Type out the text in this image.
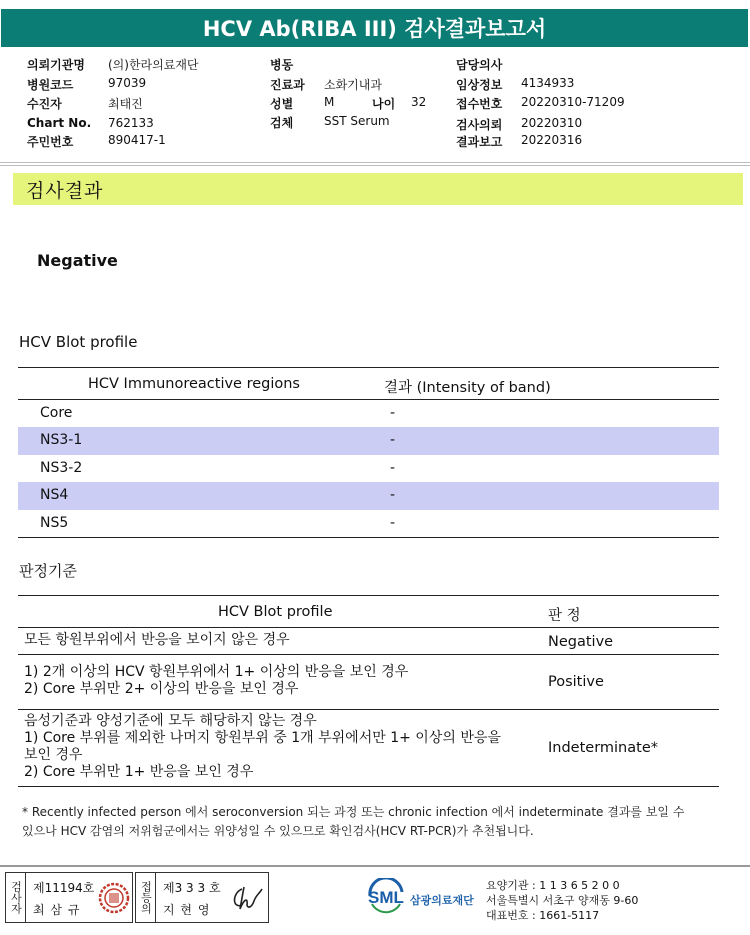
HCV Ab(RIBA III) 검사결과보고서
의뢰기관명 (의)한라의료재단
병원코드	97039
수진자	최태진
Chart No. 762133
주민번호	890417-1
병동
진료과 소화기내과
성별	M	나이 32
검체	SST Serum
담당의사
임상정보 4134933
접수번호 20220310-71209
검사의뢰 20220310
결과보고 20220316
검사결과
Negative
HCV Blot profile
HCV Immunoreactive regions	결과 (Intensity of band)
Core	-
NS3-1	-
NS3-2	-
NS4	-
NS5	-
판정기준
HCV Blot profile	판 정
모든 항원부위에서 반응을 보이지 않은 경우	Negative
1) 2개 이상의 HCV 항원부위에서 1+ 이상의 반응을 보인 경우
2) Core 부위만 2+ 이상의 반응을 보인 경우	Positive
음성기준과 양성기준에 모두 해당하지 않는 경우
1) Core 부위를 제외한 나머지 항원부위 중 1개 부위에서만 1+ 이상의 반응을
보인 경우
2) Core 부위만 1+ 반응을 보인 경우
Indeterminate*
* Recently infected person 에서 seroconversion 되는 과정 또는 chronic infection 에서 indeterminate 결과를 보일 수
있으나 HCV 감염의 저위험군에서는 위양성일 수 있으므로 확인검사(HCV RT-PCR)가 추천됩니다.
검사자 제11194호
최 삼 규	접등의 제3 3 3 호
지 현 영
SML 삼광의료재단
요양기관 : 1 1 3 6 5 2 0 0
서울특별시 서초구 양재동 9-60
대표번호 : 1661-5117
